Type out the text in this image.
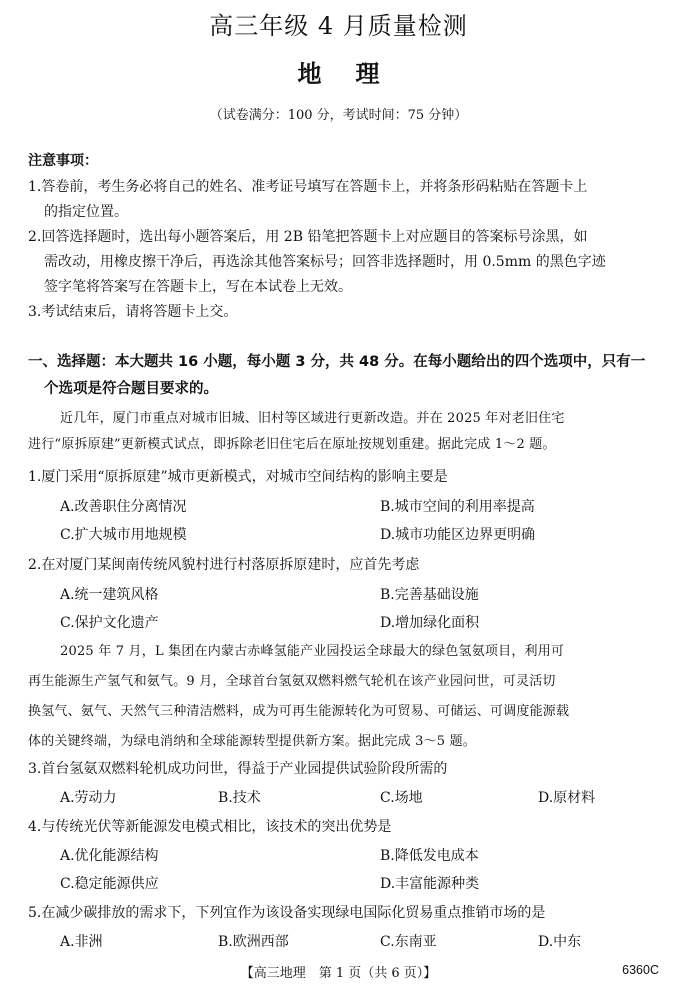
高三年级 4 月质量检测
地理
（试卷满分：100 分，考试时间：75 分钟）
注意事项：
1.答卷前，考生务必将自己的姓名、准考证号填写在答题卡上，并将条形码粘贴在答题卡上
的指定位置。
2.回答选择题时，选出每小题答案后，用 2B 铅笔把答题卡上对应题目的答案标号涂黑，如
需改动，用橡皮擦干净后，再选涂其他答案标号；回答非选择题时，用 0.5mm 的黑色字迹
签字笔将答案写在答题卡上，写在本试卷上无效。
3.考试结束后，请将答题卡上交。
一、选择题：本大题共 16 小题，每小题 3 分，共 48 分。在每小题给出的四个选项中，只有一
个选项是符合题目要求的。
近几年，厦门市重点对城市旧城、旧村等区域进行更新改造。并在 2025 年对老旧住宅
进行“原拆原建”更新模式试点，即拆除老旧住宅后在原址按规划重建。据此完成 1～2 题。
1.厦门采用“原拆原建”城市更新模式，对城市空间结构的影响主要是
A.改善职住分离情况	B.城市空间的利用率提高
C.扩大城市用地规模	D.城市功能区边界更明确
2.在对厦门某闽南传统风貌村进行村落原拆原建时，应首先考虑
A.统一建筑风格	B.完善基础设施
C.保护文化遗产	D.增加绿化面积
2025 年 7 月，L 集团在内蒙古赤峰氢能产业园投运全球最大的绿色氢氨项目，利用可
再生能源生产氢气和氨气。9 月，全球首台氢氨双燃料燃气轮机在该产业园问世，可灵活切
换氢气、氨气、天然气三种清洁燃料，成为可再生能源转化为可贸易、可储运、可调度能源载
体的关键终端，为绿电消纳和全球能源转型提供新方案。据此完成 3～5 题。
3.首台氢氨双燃料轮机成功问世，得益于产业园提供试验阶段所需的
A.劳动力	B.技术	C.场地	D.原材料
4.与传统光伏等新能源发电模式相比，该技术的突出优势是
A.优化能源结构	B.降低发电成本
C.稳定能源供应	D.丰富能源种类
5.在减少碳排放的需求下，下列宜作为该设备实现绿电国际化贸易重点推销市场的是
A.非洲	B.欧洲西部	C.东南亚	D.中东
【高三地理　第 1 页（共 6 页）】	6360C
